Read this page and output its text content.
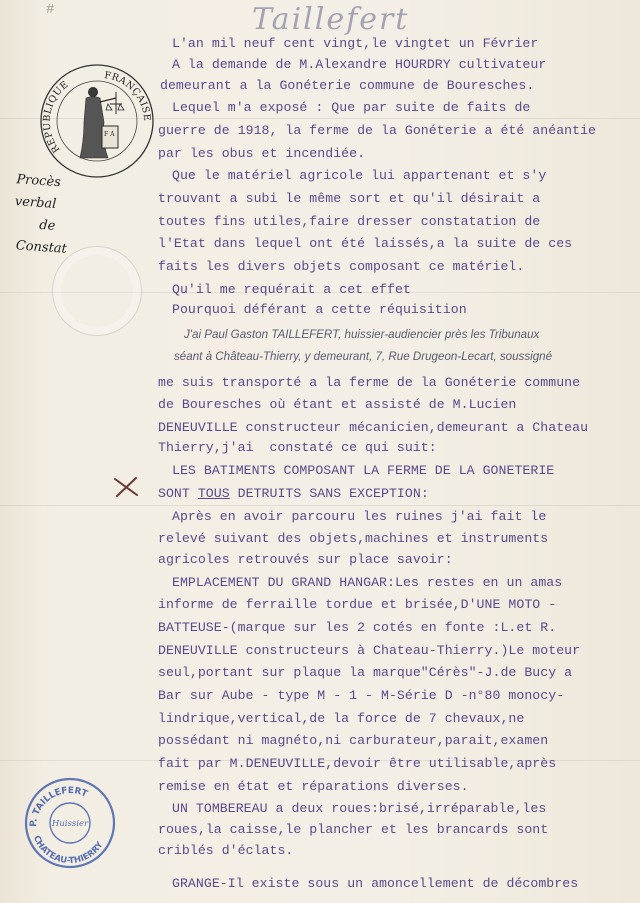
#	Taillefert
REPUBLIQUE
FRANÇAISE
F A
Procès verbal
de
Constat
P. TAILLEFERT
CHATEAU-THIERRY
Huissier
L'an mil neuf cent vingt,le vingtet un Février
A la demande de M.Alexandre HOURDRY cultivateur
demeurant a la Gonéterie commune de Bouresches.
Lequel m'a exposé : Que par suite de faits de
guerre de 1918, la ferme de la Gonéterie a été anéantie
par les obus et incendiée.
Que le matériel agricole lui appartenant et s'y
trouvant a subi le même sort et qu'il désirait a
toutes fins utiles,faire dresser constatation de
l'Etat dans lequel ont été laissés,a la suite de ces
faits les divers objets composant ce matériel.
Qu'il me requérait a cet effet
Pourquoi déférant a cette réquisition
J'ai Paul Gaston TAILLEFERT, huissier-audiencier près les Tribunaux
séant à Château-Thierry, y demeurant, 7, Rue Drugeon-Lecart, soussigné
me suis transporté a la ferme de la Gonéterie commune
de Bouresches où étant et assisté de M.Lucien
DENEUVILLE constructeur mécanicien,demeurant a Chateau
Thierry,j'ai  constaté ce qui suit:
LES BATIMENTS COMPOSANT LA FERME DE LA GONETERIE
SONT TOUS DETRUITS SANS EXCEPTION:
Après en avoir parcouru les ruines j'ai fait le
relevé suivant des objets,machines et instruments
agricoles retrouvés sur place savoir:
EMPLACEMENT DU GRAND HANGAR:Les restes en un amas
informe de ferraille tordue et brisée,D'UNE MOTO -
BATTEUSE-(marque sur les 2 cotés en fonte :L.et R.
DENEUVILLE constructeurs à Chateau-Thierry.)Le moteur
seul,portant sur plaque la marque"Cérès"-J.de Bucy a
Bar sur Aube - type M - 1 - M-Série D -n°80 monocy-
lindrique,vertical,de la force de 7 chevaux,ne
possédant ni magnéto,ni carburateur,parait,examen
fait par M.DENEUVILLE,devoir être utilisable,après
remise en état et réparations diverses.
UN TOMBEREAU a deux roues:brisé,irréparable,les
roues,la caisse,le plancher et les brancards sont
criblés d'éclats.
GRANGE-Il existe sous un amoncellement de décombres
